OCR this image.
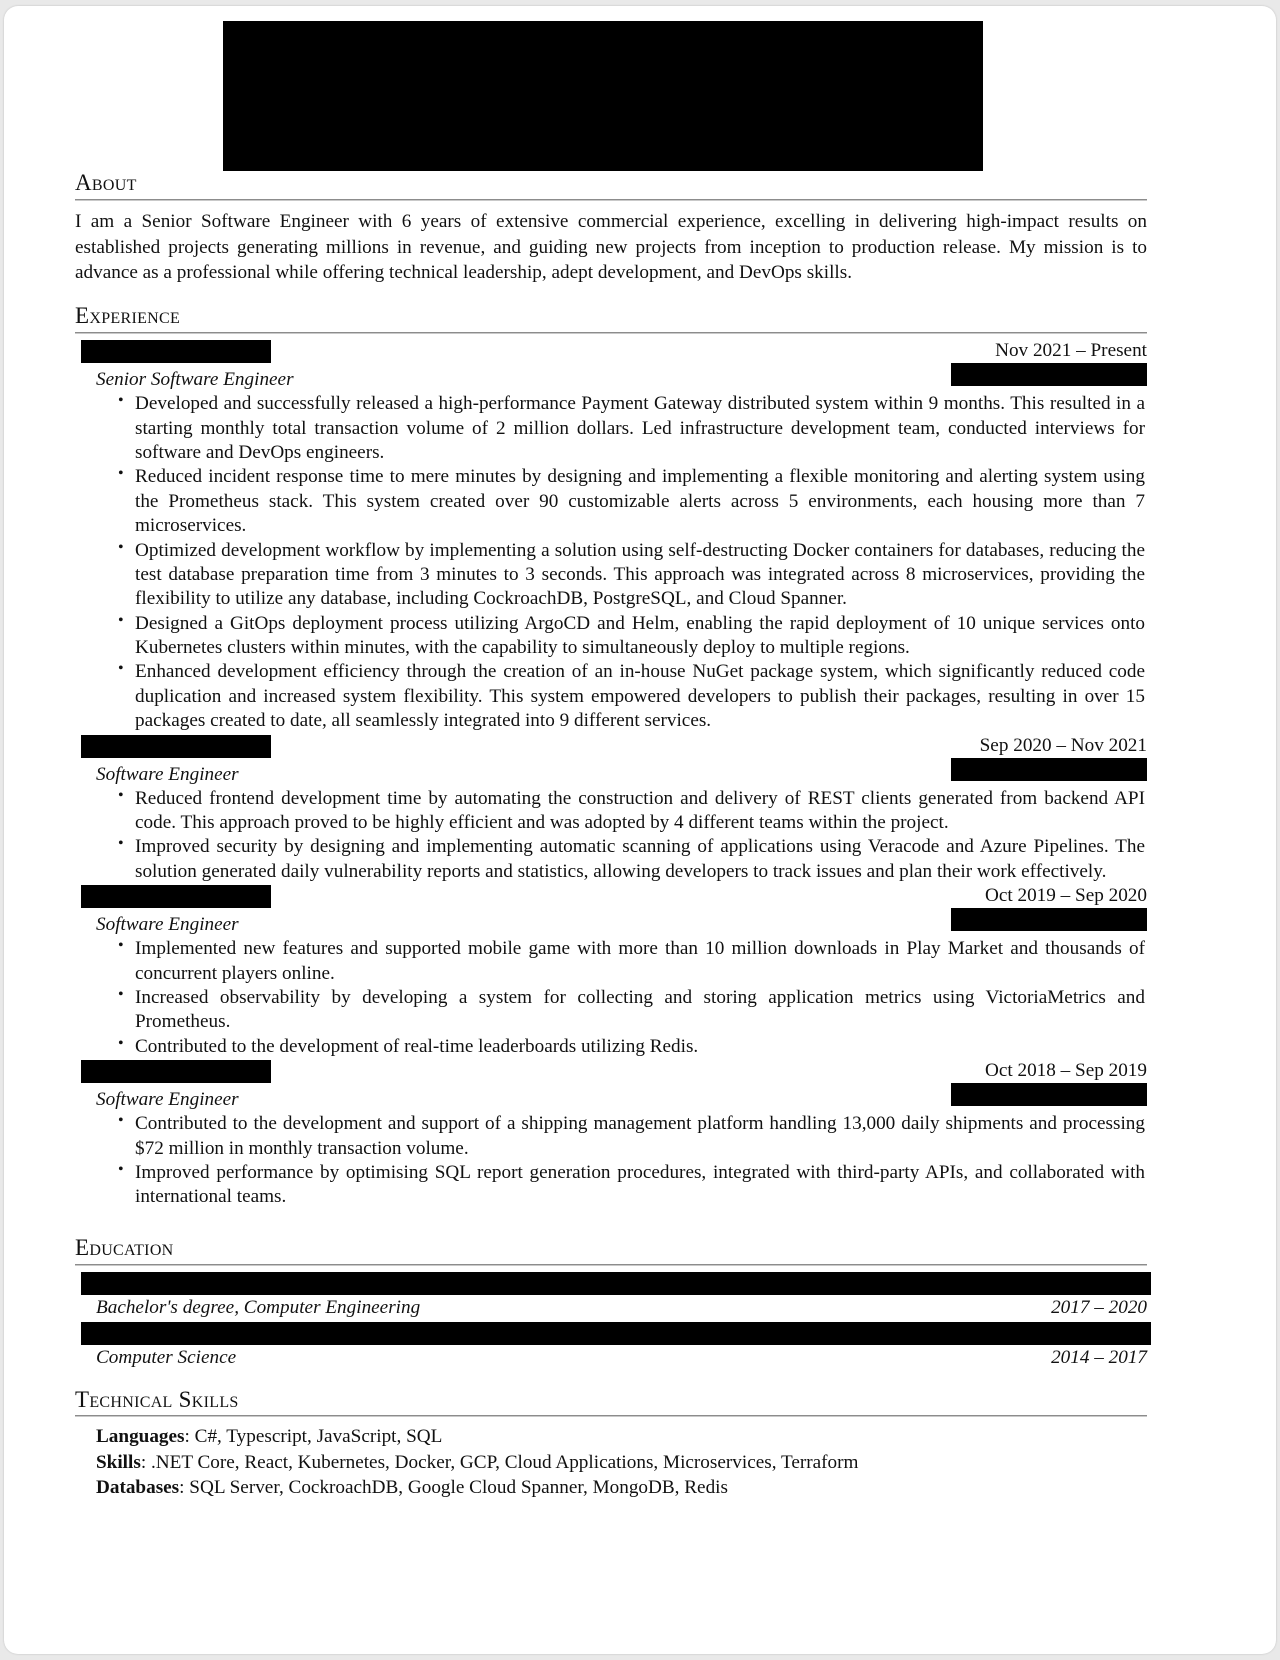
About
I am a Senior Software Engineer with 6 years of extensive commercial experience, excelling in delivering high-impact results on established projects generating millions in revenue, and guiding new projects from inception to production release. My mission is to advance as a professional while offering technical leadership, adept development, and DevOps skills.
Experience
Nov 2021 – Present
Senior Software Engineer
• Developed and successfully released a high-performance Payment Gateway distributed system within 9 months. This resulted in a starting monthly total transaction volume of 2 million dollars. Led infrastructure development team, conducted interviews for software and DevOps engineers.
• Reduced incident response time to mere minutes by designing and implementing a flexible monitoring and alerting system using the Prometheus stack. This system created over 90 customizable alerts across 5 environments, each housing more than 7 microservices.
• Optimized development workflow by implementing a solution using self-destructing Docker containers for databases, reducing the test database preparation time from 3 minutes to 3 seconds. This approach was integrated across 8 microservices, providing the flexibility to utilize any database, including CockroachDB, PostgreSQL, and Cloud Spanner.
• Designed a GitOps deployment process utilizing ArgoCD and Helm, enabling the rapid deployment of 10 unique services onto Kubernetes clusters within minutes, with the capability to simultaneously deploy to multiple regions.
• Enhanced development efficiency through the creation of an in-house NuGet package system, which significantly reduced code duplication and increased system flexibility. This system empowered developers to publish their packages, resulting in over 15 packages created to date, all seamlessly integrated into 9 different services.
Sep 2020 – Nov 2021
Software Engineer
• Reduced frontend development time by automating the construction and delivery of REST clients generated from backend API code. This approach proved to be highly efficient and was adopted by 4 different teams within the project.
• Improved security by designing and implementing automatic scanning of applications using Veracode and Azure Pipelines. The solution generated daily vulnerability reports and statistics, allowing developers to track issues and plan their work effectively.
Oct 2019 – Sep 2020
Software Engineer
• Implemented new features and supported mobile game with more than 10 million downloads in Play Market and thousands of concurrent players online.
• Increased observability by developing a system for collecting and storing application metrics using VictoriaMetrics and Prometheus.
• Contributed to the development of real-time leaderboards utilizing Redis.
Oct 2018 – Sep 2019
Software Engineer
• Contributed to the development and support of a shipping management platform handling 13,000 daily shipments and processing $72 million in monthly transaction volume.
• Improved performance by optimising SQL report generation procedures, integrated with third-party APIs, and collaborated with international teams.
Education
Bachelor's degree, Computer Engineering	2017 – 2020
Computer Science	2014 – 2017
Technical Skills
Languages: C#, Typescript, JavaScript, SQL
Skills: .NET Core, React, Kubernetes, Docker, GCP, Cloud Applications, Microservices, Terraform
Databases: SQL Server, CockroachDB, Google Cloud Spanner, MongoDB, Redis
